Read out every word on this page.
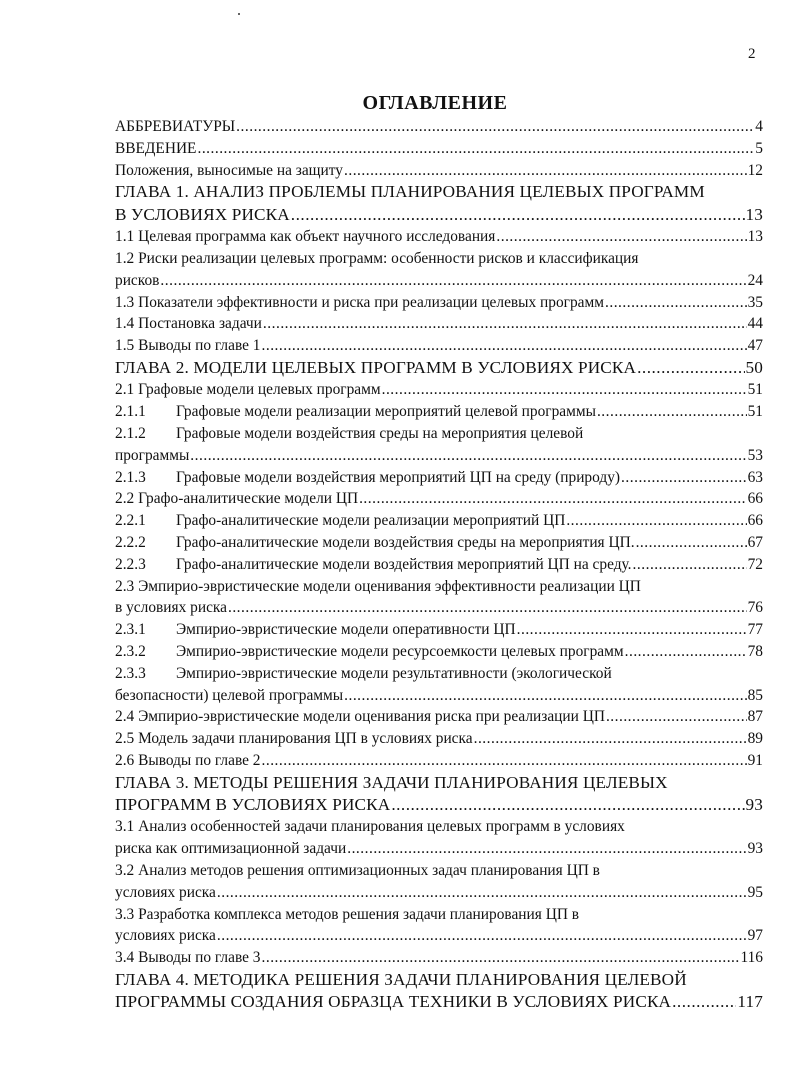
2
ОГЛАВЛЕНИЕ
АББРЕВИАТУРЫ .....	4
ВВЕДЕНИЕ .....	5
Положения, выносимые на защиту .....	12
ГЛАВА 1. АНАЛИЗ ПРОБЛЕМЫ ПЛАНИРОВАНИЯ ЦЕЛЕВЫХ ПРОГРАММ
В УСЛОВИЯХ РИСКА .....	13
1.1 Целевая программа как объект научного исследования .....	13
1.2 Риски реализации целевых программ: особенности рисков и классификация
рисков .....	24
1.3 Показатели эффективности и риска при реализации целевых программ .....	35
1.4 Постановка задачи .....	44
1.5 Выводы по главе 1 .....	47
ГЛАВА 2. МОДЕЛИ ЦЕЛЕВЫХ ПРОГРАММ В УСЛОВИЯХ РИСКА .....	50
2.1 Графовые модели целевых программ .....	51
2.1.1 Графовые модели реализации мероприятий целевой программы .....	51
2.1.2 Графовые модели воздействия среды на мероприятия целевой
программы .....	53
2.1.3 Графовые модели воздействия мероприятий ЦП на среду (природу) .....	63
2.2 Графо-аналитические модели ЦП .....	66
2.2.1 Графо-аналитические модели реализации мероприятий ЦП .....	66
2.2.2 Графо-аналитические модели воздействия среды на мероприятия ЦП. .....	67
2.2.3 Графо-аналитические модели воздействия мероприятий ЦП на среду. .....	72
2.3 Эмпирио-эвристические модели оценивания эффективности реализации ЦП
в условиях риска .....	76
2.3.1 Эмпирио-эвристические модели оперативности ЦП .....	77
2.3.2 Эмпирио-эвристические модели ресурсоемкости целевых программ .....	78
2.3.3 Эмпирио-эвристические модели результативности (экологической
безопасности) целевой программы .....	85
2.4 Эмпирио-эвристические модели оценивания риска при реализации ЦП .....	87
2.5 Модель задачи планирования ЦП в условиях риска .....	89
2.6 Выводы по главе 2 .....	91
ГЛАВА 3. МЕТОДЫ РЕШЕНИЯ ЗАДАЧИ ПЛАНИРОВАНИЯ ЦЕЛЕВЫХ
ПРОГРАММ В УСЛОВИЯХ РИСКА .....	93
3.1 Анализ особенностей задачи планирования целевых программ в условиях
риска как оптимизационной задачи .....	93
3.2 Анализ методов решения оптимизационных задач планирования ЦП в
условиях риска .....	95
3.3 Разработка комплекса методов решения задачи планирования ЦП в
условиях риска .....	97
3.4 Выводы по главе 3 .....	116
ГЛАВА 4. МЕТОДИКА РЕШЕНИЯ ЗАДАЧИ ПЛАНИРОВАНИЯ ЦЕЛЕВОЙ
ПРОГРАММЫ СОЗДАНИЯ ОБРАЗЦА ТЕХНИКИ В УСЛОВИЯХ РИСКА .....	117
